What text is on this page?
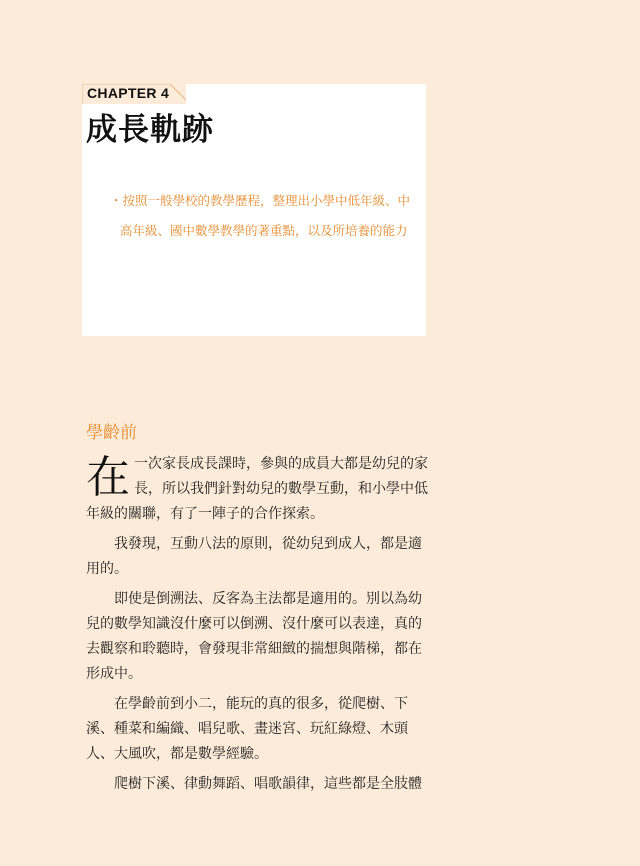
CHAPTER 4
成長軌跡
・按照一般學校的教學歷程，整理出小學中低年級、中
高年級、國中數學教學的著重點，以及所培養的能力
學齡前

在一次家長成長課時，參與的成員大都是幼兒的家長，所以我們針對幼兒的數學互動，和小學中低年級的關聯，有了一陣子的合作探索。

我發現，互動八法的原則，從幼兒到成人，都是適用的。

即使是倒溯法、反客為主法都是適用的。別以為幼兒的數學知識沒什麼可以倒溯、沒什麼可以表達，真的去觀察和聆聽時，會發現非常細緻的揣想與階梯，都在形成中。

在學齡前到小二，能玩的真的很多，從爬樹、下溪、種菜和編織、唱兒歌、畫迷宮、玩紅綠燈、木頭人、大風吹，都是數學經驗。

爬樹下溪、律動舞蹈、唱歌韻律，這些都是全肢體
